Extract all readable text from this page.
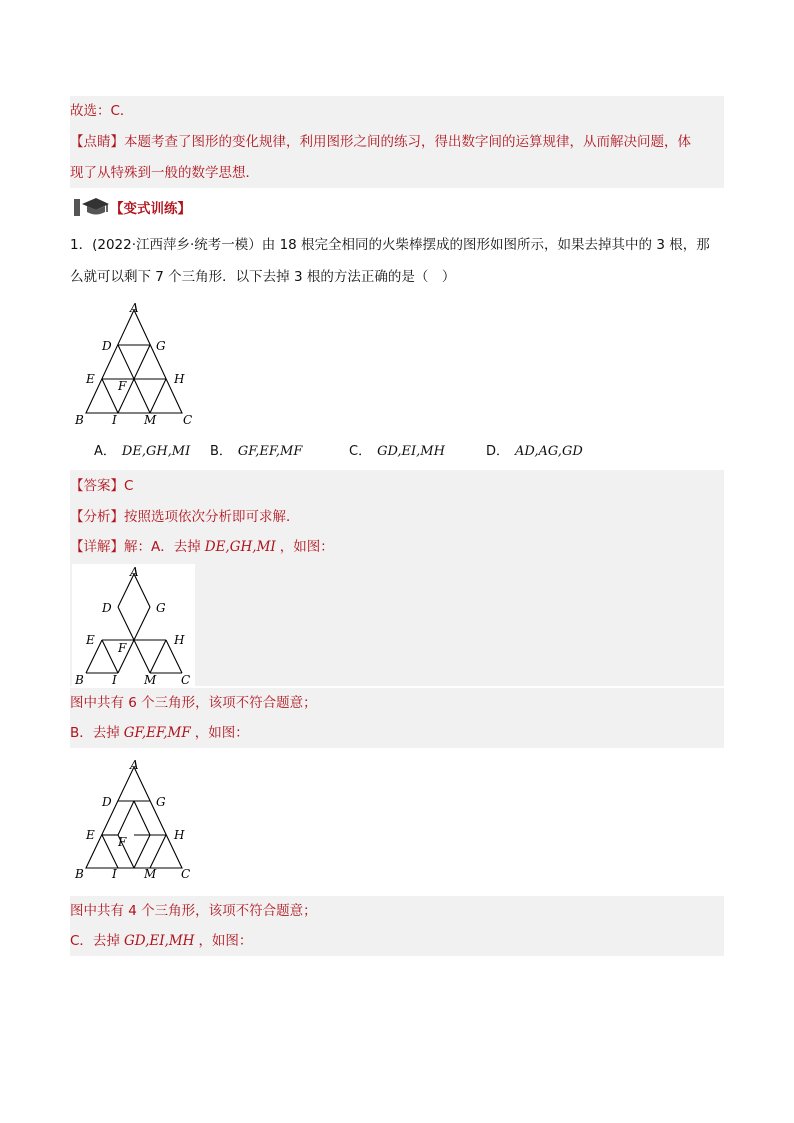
故选：C．
【点睛】本题考查了图形的变化规律，利用图形之间的练习，得出数字间的运算规律，从而解决问题，体
现了从特殊到一般的数学思想．
【变式训练】
1．(2022·江西萍乡·统考一模）由 18 根完全相同的火柴棒摆成的图形如图所示，如果去掉其中的 3 根，那
么就可以剩下 7 个三角形．以下去掉 3 根的方法正确的是（　）
A
D	G
E F	H
B I M C
A． DE,GH,MI B． GF,EF,MF	C． GD,EI,MH	D． AD,AG,GD
【答案】C
【分析】按照选项依次分析即可求解．
【详解】解：A．去掉 DE,GH,MI ，如图：
A
D	G
E
F
H
B I M C
图中共有 6 个三角形，该项不符合题意；
B．去掉 GF,EF,MF ，如图：
A
D	G
E F	H
B I M C
图中共有 4 个三角形，该项不符合题意；
C．去掉 GD,EI,MH ，如图：
